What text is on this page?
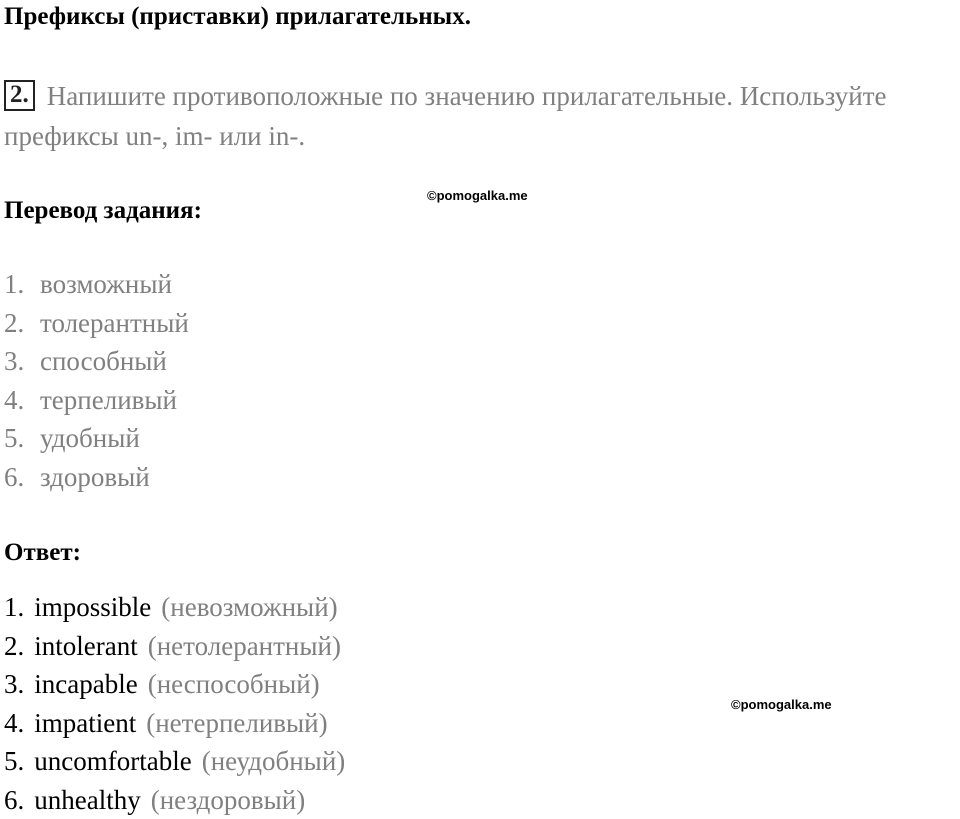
Префиксы (приставки) прилагательных.
2. Напишите противоположные по значению прилагательные. Используйте префиксы un-, im- или in-.
Перевод задания:
©pomogalka.me
1. возможный
2. толерантный
3. способный
4. терпеливый
5. удобный
6. здоровый
Ответ:
©pomogalka.me
1. impossible (невозможный)
2. intolerant (нетолерантный)
3. incapable (неспособный)
4. impatient (нетерпеливый)
5. uncomfortable (неудобный)
6. unhealthy (нездоровый)
